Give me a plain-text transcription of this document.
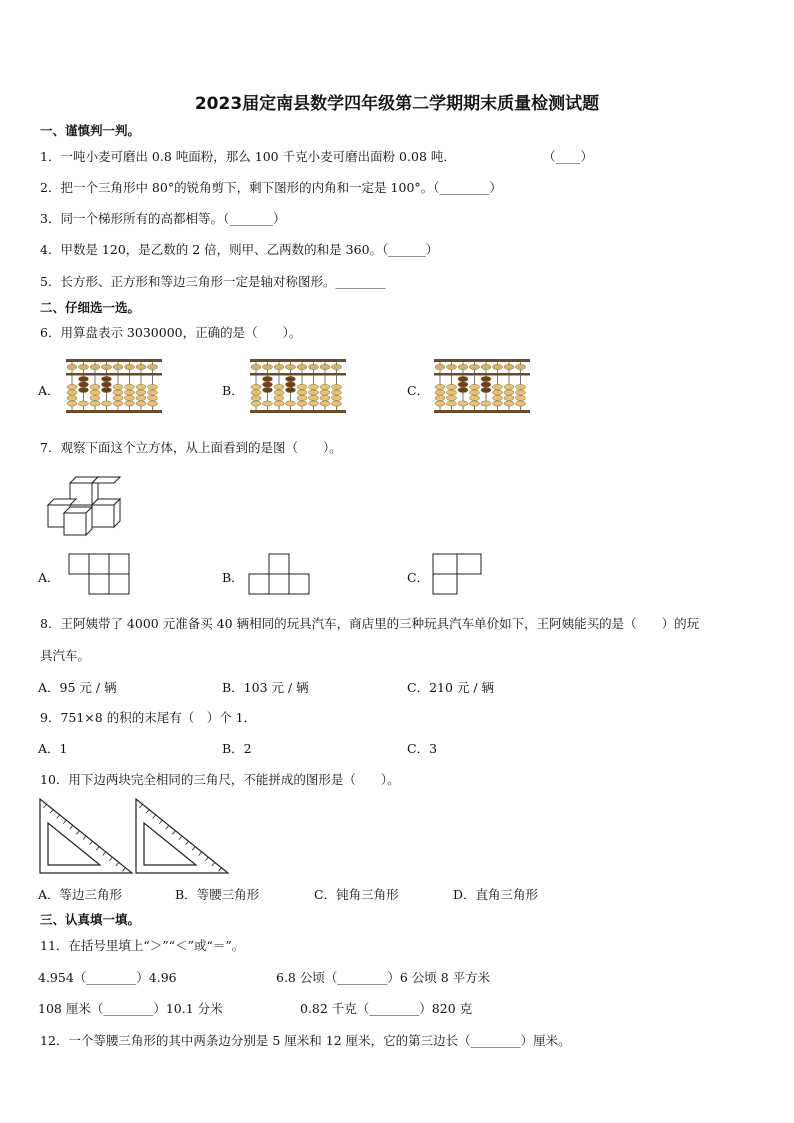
2023届定南县数学四年级第二学期期末质量检测试题
一、谨慎判一判。
1．一吨小麦可磨出 0.8 吨面粉，那么 100 千克小麦可磨出面粉 0.08 吨．	（____）
2．把一个三角形中 80°的锐角剪下，剩下图形的内角和一定是 100°。（________）
3．同一个梯形所有的高都相等。（_______）
4．甲数是 120，是乙数的 2 倍，则甲、乙两数的和是 360。（______）
5．长方形、正方形和等边三角形一定是轴对称图形。________
二、仔细选一选。
6．用算盘表示 3030000，正确的是（　　）。
A．	B．	C．
7．观察下面这个立方体，从上面看到的是图（　　）。
A．	B．	C．
8．王阿姨带了 4000 元准备买 40 辆相同的玩具汽车，商店里的三种玩具汽车单价如下，王阿姨能买的是（　　）的玩
具汽车。
A．95 元 / 辆	B．103 元 / 辆	C．210 元 / 辆
9．751×8 的积的末尾有（　）个 1．
A．1	B．2	C．3
10．用下边两块完全相同的三角尺，不能拼成的图形是（　　）。
A．等边三角形	B．等腰三角形	C．钝角三角形	D．直角三角形
三、认真填一填。
11．在括号里填上“＞”“＜”或“＝”。
4.954（________）4.96	6.8 公顷（________）6 公顷 8 平方米
108 厘米（________）10.1 分米	0.82 千克（________）820 克
12．一个等腰三角形的其中两条边分别是 5 厘米和 12 厘米，它的第三边长（________）厘米。
